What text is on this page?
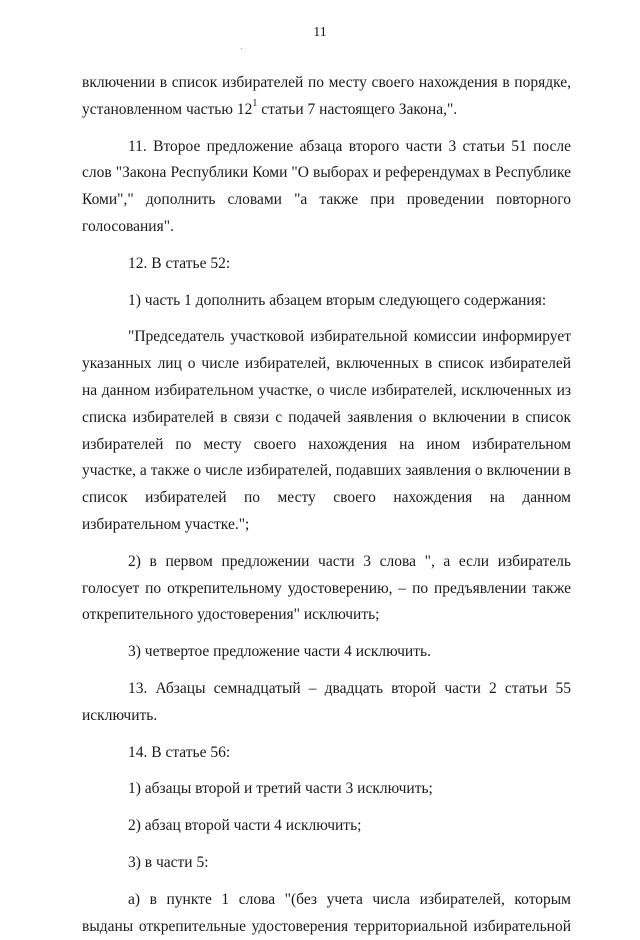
11

включении в список избирателей по месту своего нахождения в порядке, установленном частью $12^1$ статьи 7 настоящего Закона,".

11. Второе предложение абзаца второго части 3 статьи 51 после слов "Закона Республики Коми "О выборах и референдумах в Республике Коми"," дополнить словами "а также при проведении повторного голосования".

12. В статье 52:

1) часть 1 дополнить абзацем вторым следующего содержания:

"Председатель участковой избирательной комиссии информирует указанных лиц о числе избирателей, включенных в список избирателей на данном избирательном участке, о числе избирателей, исключенных из списка избирателей в связи с подачей заявления о включении в список избирателей по месту своего нахождения на ином избирательном участке, а также о числе избирателей, подавших заявления о включении в список избирателей по месту своего нахождения на данном избирательном участке.";

2) в первом предложении части 3 слова ", а если избиратель голосует по открепительному удостоверению, – по предъявлении также открепительного удостоверения" исключить;

3) четвертое предложение части 4 исключить.

13. Абзацы семнадцатый – двадцать второй части 2 статьи 55 исключить.

14. В статье 56:

1) абзацы второй и третий части 3 исключить;

2) абзац второй части 4 исключить;

3) в части 5:

а) в пункте 1 слова "(без учета числа избирателей, которым выданы открепительные удостоверения территориальной избирательной
